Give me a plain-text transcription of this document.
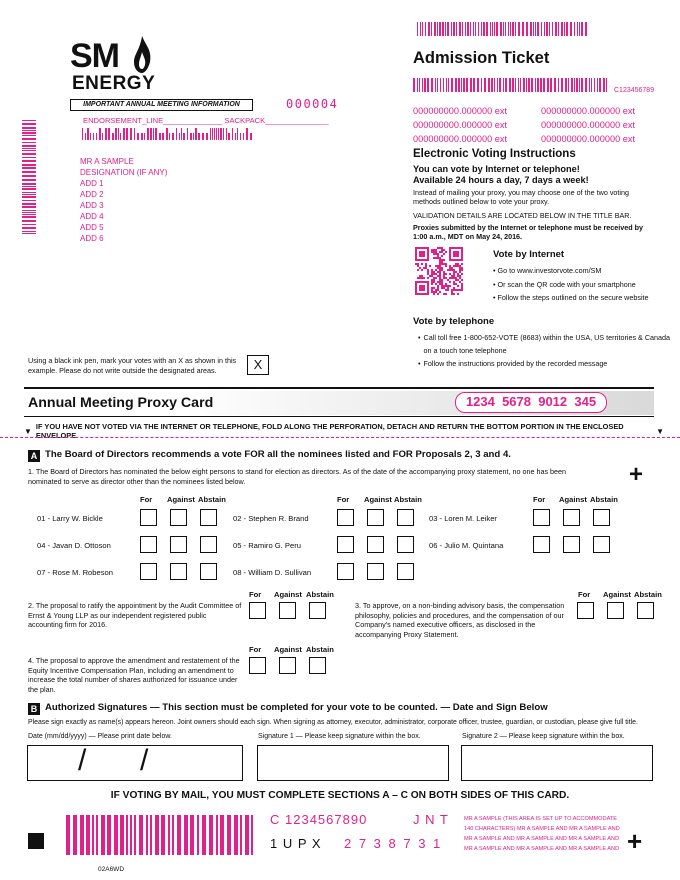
SM
ENERGY
IMPORTANT ANNUAL MEETING INFORMATION	000004
ENDORSEMENT_LINE______________ SACKPACK_______________
MR A SAMPLE
DESIGNATION (IF ANY)
ADD 1
ADD 2
ADD 3
ADD 4
ADD 5
ADD 6
Admission Ticket
C123456789
000000000.000000 ext
000000000.000000 ext
000000000.000000 ext
000000000.000000 ext
000000000.000000 ext
000000000.000000 ext
Electronic Voting Instructions
You can vote by Internet or telephone!
Available 24 hours a day, 7 days a week!
Instead of mailing your proxy, you may choose one of the two voting methods outlined below to vote your proxy.
VALIDATION DETAILS ARE LOCATED BELOW IN THE TITLE BAR.
Proxies submitted by the Internet or telephone must be received by 1:00 a.m., MDT on May 24, 2016.
Vote by Internet
• Go to www.investorvote.com/SM
• Or scan the QR code with your smartphone
• Follow the steps outlined on the secure website
Vote by telephone
• Call toll free 1-800-652-VOTE (8683) within the USA, US territories & Canada on a touch tone telephone
• Follow the instructions provided by the recorded message
Using a black ink pen, mark your votes with an X as shown in this example. Please do not write outside the designated areas.	X
Annual Meeting Proxy Card	1234  5678  9012  345
▼ IF YOU HAVE NOT VOTED VIA THE INTERNET OR TELEPHONE, FOLD ALONG THE PERFORATION, DETACH AND RETURN THE BOTTOM PORTION IN THE ENCLOSED ENVELOPE.	▼
A The Board of Directors recommends a vote FOR all the nominees listed and FOR Proposals 2, 3 and 4.
1. The Board of Directors has nominated the below eight persons to stand for election as directors. As of the date of the accompanying proxy statement, no one has been nominated to serve as director other than the nominees listed below.	+
For Against Abstain	For Against Abstain	For Against Abstain
01 - Larry W. Bickle	02 - Stephen R. Brand	03 - Loren M. Leiker
04 - Javan D. Ottoson	05 - Ramiro G. Peru	06 - Julio M. Quintana
07 - Rose M. Robeson	08 - William D. Sullivan
For Against Abstain
2. The proposal to ratify the appointment by the Audit Committee of Ernst & Young LLP as our independent registered public accounting firm for 2016.
For Against Abstain
3. To approve, on a non-binding advisory basis, the compensation philosophy, policies and procedures, and the compensation of our Company's named executive officers, as disclosed in the accompanying Proxy Statement.
For Against Abstain
4. The proposal to approve the amendment and restatement of the Equity Incentive Compensation Plan, including an amendment to increase the total number of shares authorized for issuance under the plan.
B Authorized Signatures — This section must be completed for your vote to be counted. — Date and Sign Below
Please sign exactly as name(s) appears hereon. Joint owners should each sign. When signing as attorney, executor, administrator, corporate officer, trustee, guardian, or custodian, please give full title.
Date (mm/dd/yyyy) — Please print date below.	Signature 1 — Please keep signature within the box.	Signature 2 — Please keep signature within the box.
/ /
IF VOTING BY MAIL, YOU MUST COMPLETE SECTIONS A – C ON BOTH SIDES OF THIS CARD.
C 1234567890	J N T
1 U P X 2 7 3 8 7 3 1
MR A SAMPLE (THIS AREA IS SET UP TO ACCOMMODATE 140 CHARACTERS) MR A SAMPLE AND MR A SAMPLE AND MR A SAMPLE AND MR A SAMPLE AND MR A SAMPLE AND MR A SAMPLE AND MR A SAMPLE AND MR A SAMPLE AND +
02A6WD
